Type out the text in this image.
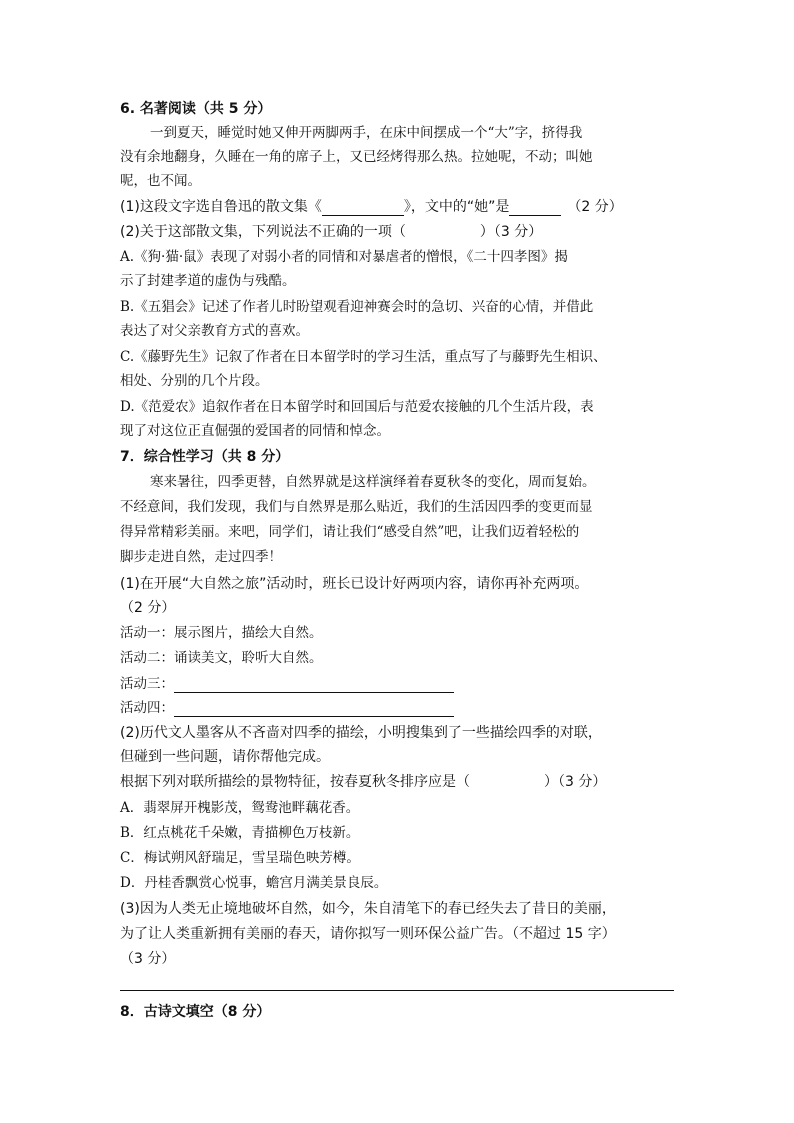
6. 名著阅读（共 5 分）
一到夏天，睡觉时她又伸开两脚两手，在床中间摆成一个“大”字，挤得我
没有余地翻身，久睡在一角的席子上，又已经烤得那么热。拉她呢，不动；叫她
呢，也不闻。
(1)这段文字选自鲁迅的散文集《	》，文中的“她”是	（2 分）
(2)关于这部散文集，下列说法不正确的一项（	）（3 分）
A.《狗·猫·鼠》表现了对弱小者的同情和对暴虐者的憎恨，《二十四孝图》揭
示了封建孝道的虚伪与残酷。
B.《五猖会》记述了作者儿时盼望观看迎神赛会时的急切、兴奋的心情，并借此
表达了对父亲教育方式的喜欢。
C.《藤野先生》记叙了作者在日本留学时的学习生活，重点写了与藤野先生相识、
相处、分别的几个片段。
D.《范爱农》追叙作者在日本留学时和回国后与范爱农接触的几个生活片段，表
现了对这位正直倔强的爱国者的同情和悼念。
7．综合性学习（共 8 分）
寒来暑往，四季更替，自然界就是这样演绎着春夏秋冬的变化，周而复始。
不经意间，我们发现，我们与自然界是那么贴近，我们的生活因四季的变更而显
得异常精彩美丽。来吧，同学们，请让我们“感受自然”吧，让我们迈着轻松的
脚步走进自然，走过四季！
(1)在开展“大自然之旅”活动时，班长已设计好两项内容，请你再补充两项。
（2 分）
活动一：展示图片，描绘大自然。
活动二：诵读美文，聆听大自然。
活动三：
活动四：
(2)历代文人墨客从不吝啬对四季的描绘，小明搜集到了一些描绘四季的对联，
但碰到一些问题，请你帮他完成。
根据下列对联所描绘的景物特征，按春夏秋冬排序应是（	）（3 分）
A．翡翠屏开槐影茂，鸳鸯池畔藕花香。
B．红点桃花千朵嫩，青描柳色万枝新。
C．梅试朔风舒瑞足，雪呈瑞色映芳樽。
D．丹桂香飘赏心悦事，蟾宫月满美景良辰。
(3)因为人类无止境地破坏自然，如今，朱自清笔下的春已经失去了昔日的美丽，
为了让人类重新拥有美丽的春天，请你拟写一则环保公益广告。（不超过 15 字）
（3 分）
8．古诗文填空（8 分）
